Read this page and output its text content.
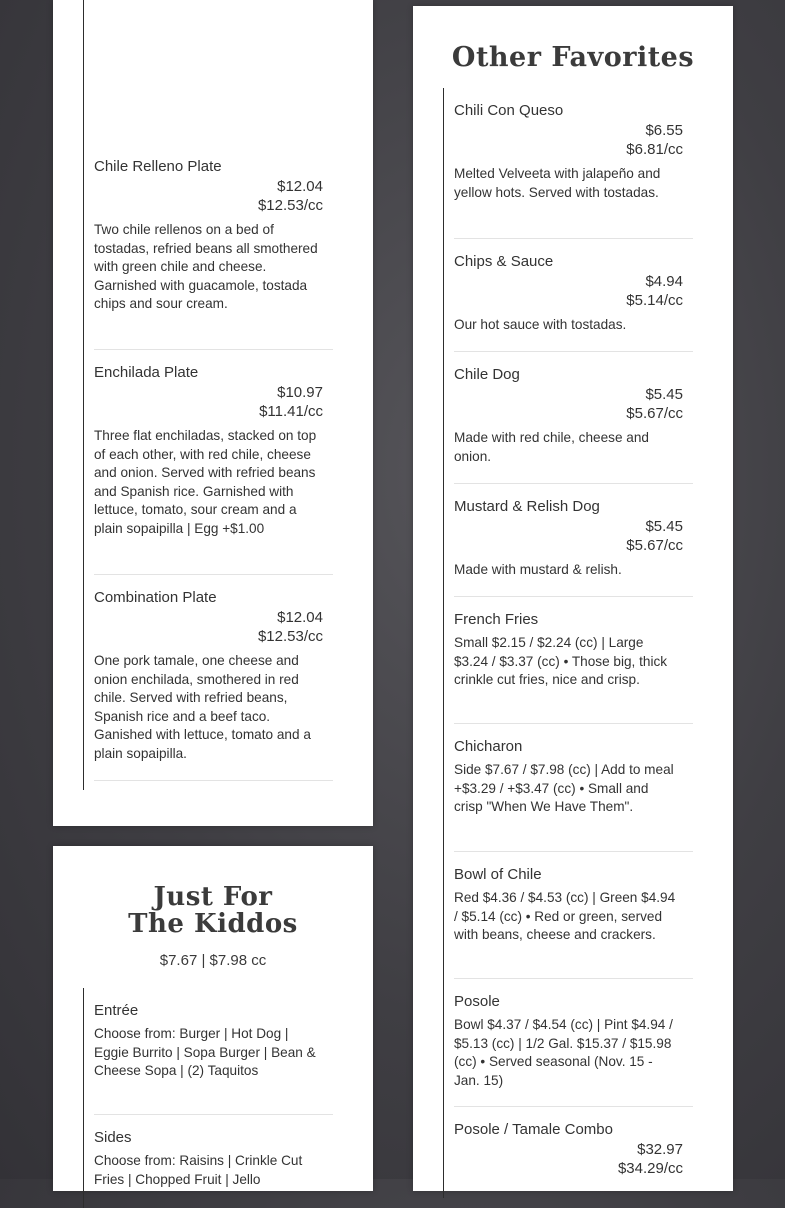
Chile Relleno Plate
$12.04
$12.53/cc
Two chile rellenos on a bed of tostadas, refried beans all smothered with green chile and cheese. Garnished with guacamole, tostada chips and sour cream.
Enchilada Plate
$10.97
$11.41/cc
Three flat enchiladas, stacked on top of each other, with red chile, cheese and onion. Served with refried beans and Spanish rice. Garnished with lettuce, tomato, sour cream and a plain sopaipilla | Egg +$1.00
Combination Plate
$12.04
$12.53/cc
One pork tamale, one cheese and onion enchilada, smothered in red chile. Served with refried beans, Spanish rice and a beef taco. Ganished with lettuce, tomato and a plain sopaipilla.
Just For The Kiddos
$7.67 | $7.98 cc
Entrée
Choose from: Burger | Hot Dog | Eggie Burrito | Sopa Burger | Bean & Cheese Sopa | (2) Taquitos
Sides
Choose from: Raisins | Crinkle Cut Fries | Chopped Fruit | Jello
Other Favorites
Chili Con Queso
$6.55
$6.81/cc
Melted Velveeta with jalapeño and yellow hots. Served with tostadas.
Chips & Sauce
$4.94
$5.14/cc
Our hot sauce with tostadas.
Chile Dog
$5.45
$5.67/cc
Made with red chile, cheese and onion.
Mustard & Relish Dog
$5.45
$5.67/cc
Made with mustard & relish.
French Fries
Small $2.15 / $2.24 (cc) | Large $3.24 / $3.37 (cc) • Those big, thick crinkle cut fries, nice and crisp.
Chicharon
Side $7.67 / $7.98 (cc) | Add to meal +$3.29 / +$3.47 (cc) • Small and crisp "When We Have Them".
Bowl of Chile
Red $4.36 / $4.53 (cc) | Green $4.94 / $5.14 (cc) • Red or green, served with beans, cheese and crackers.
Posole
Bowl $4.37 / $4.54 (cc) | Pint $4.94 / $5.13 (cc) | 1/2 Gal. $15.37 / $15.98 (cc) • Served seasonal (Nov. 15 - Jan. 15)
Posole / Tamale Combo
$32.97
$34.29/cc
